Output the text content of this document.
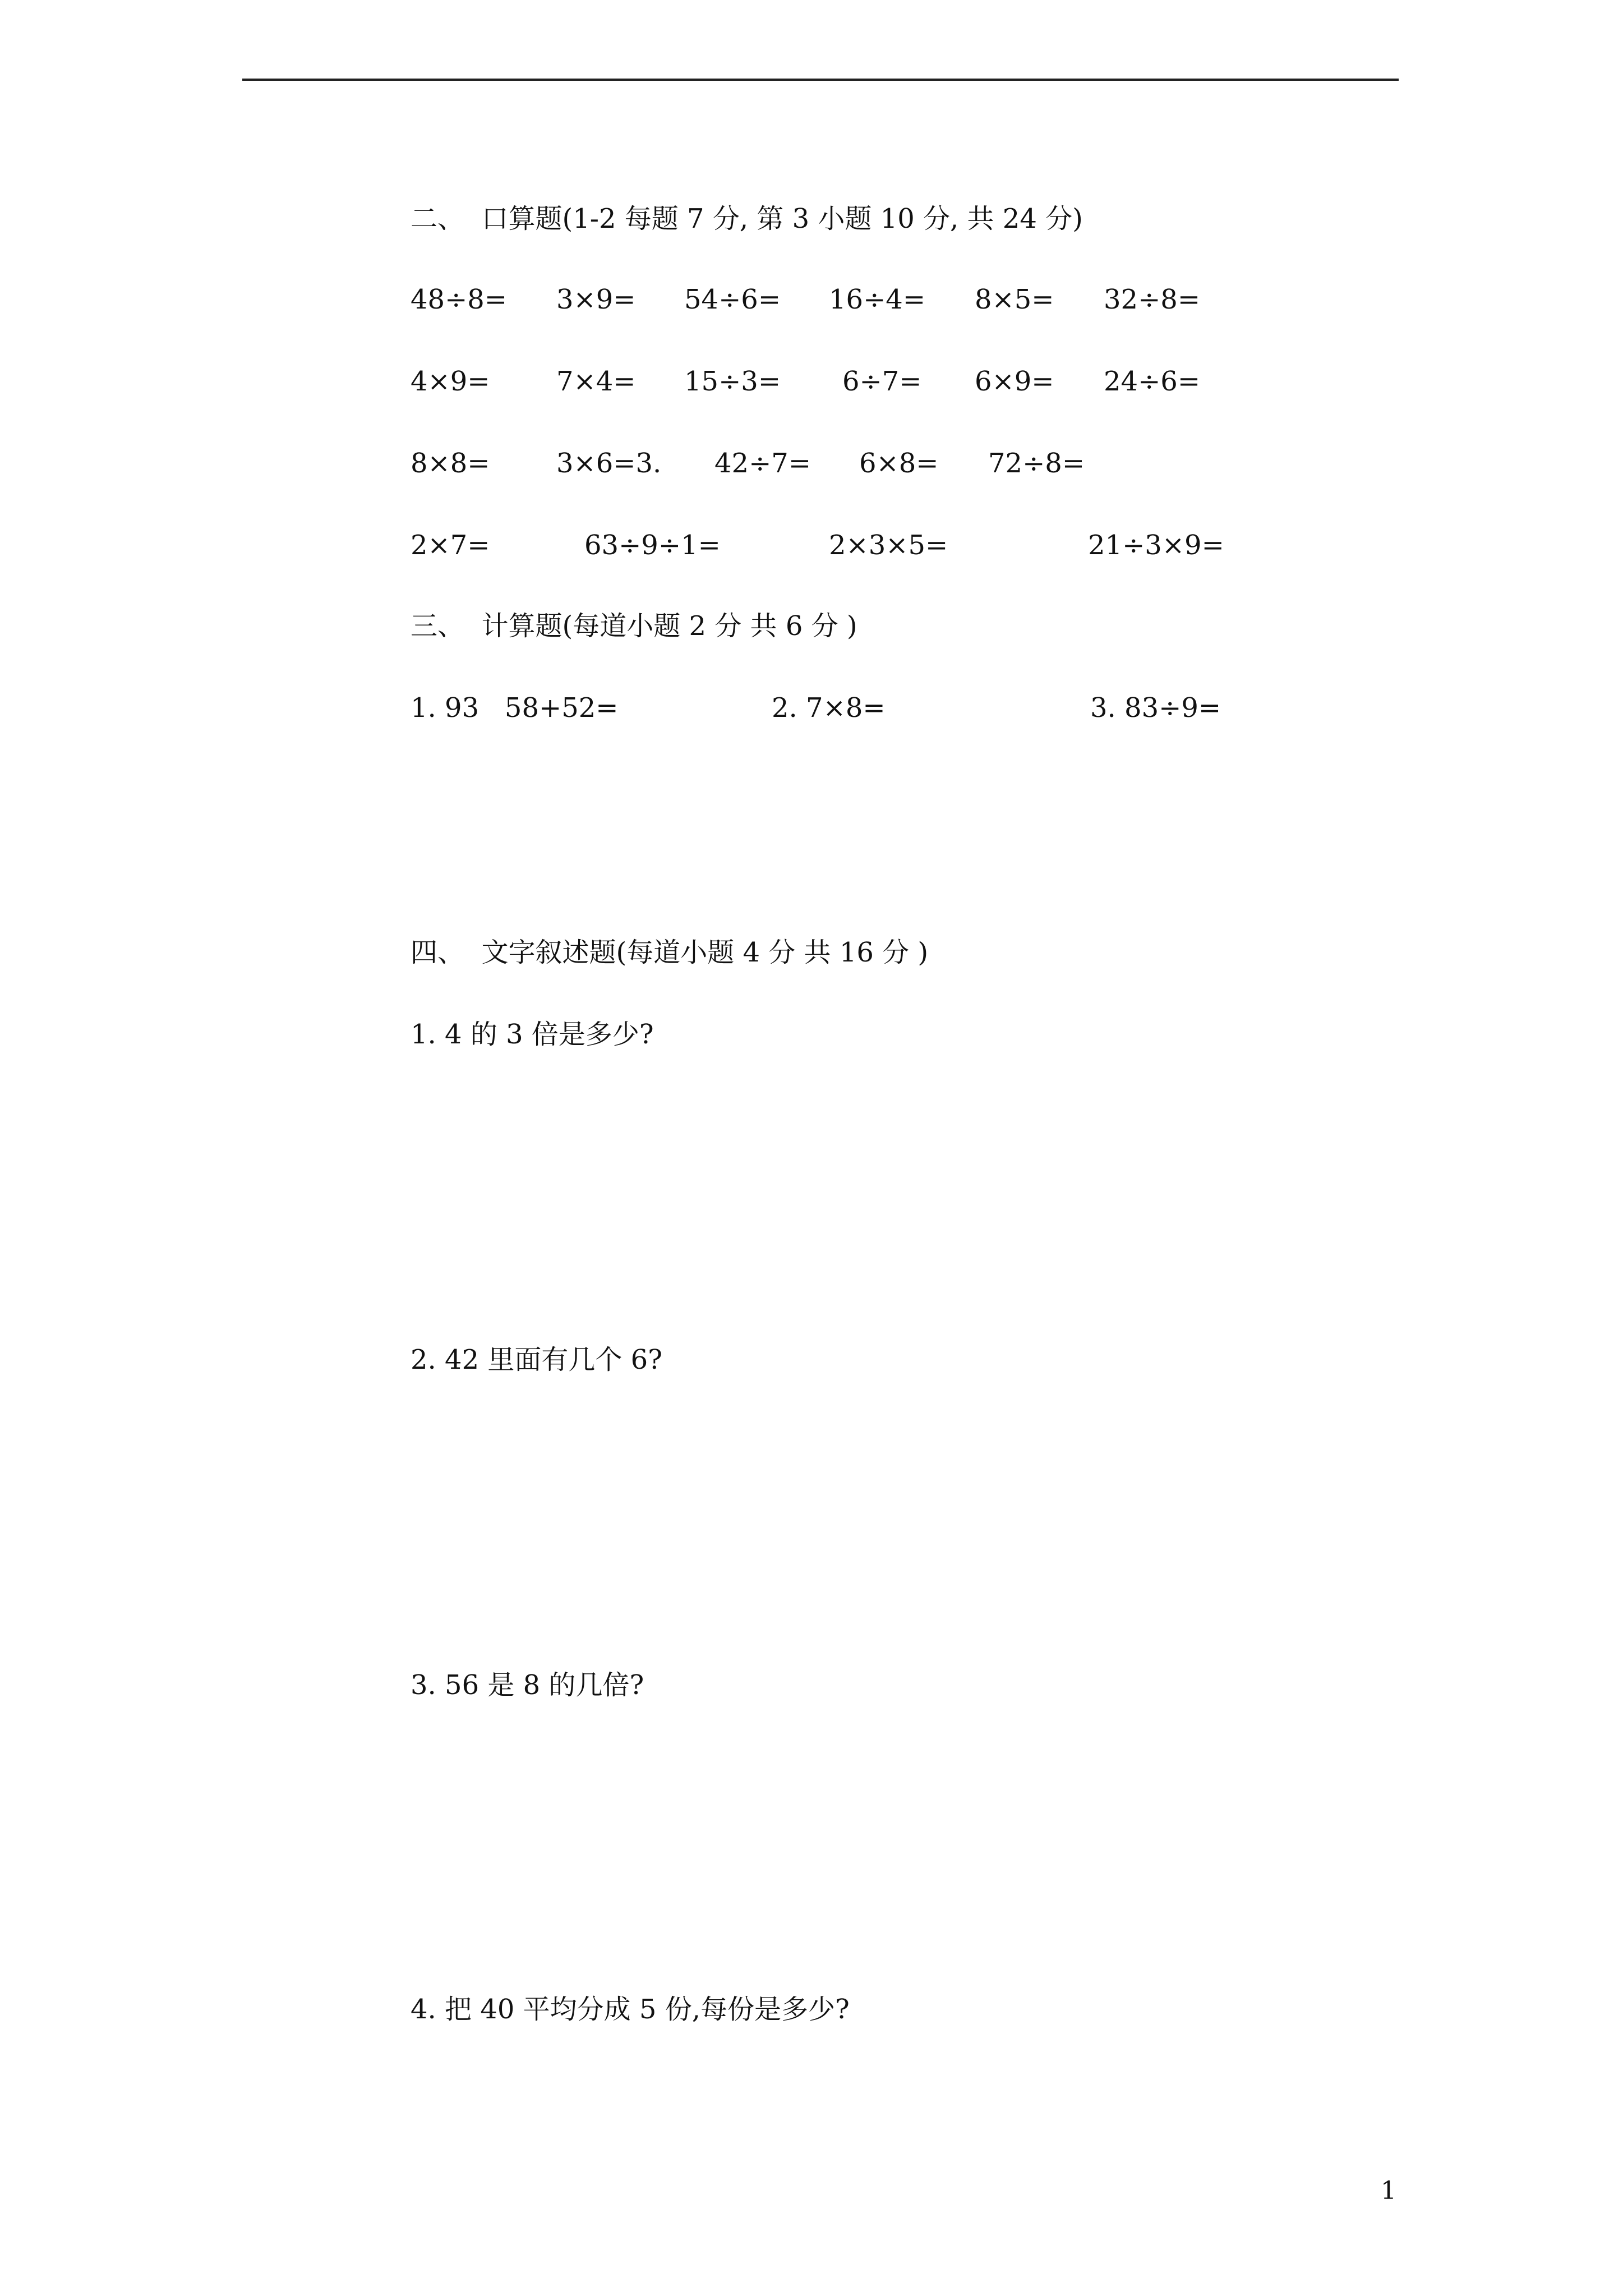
二、  口算题(1-2 每题 7 分, 第 3 小题 10 分, 共 24 分)
48÷8= 3×9= 54÷6= 16÷4= 8×5= 32÷8=
4×9= 7×4= 15÷3= 6÷7= 6×9= 24÷6=
8×8= 3×6=3. 42÷7= 6×8= 72÷8=
2×7=	63÷9÷1=	2×3×5=	21÷3×9=
三、  计算题(每道小题 2 分 共 6 分 )
1. 93   58+52=	2. 7×8=	3. 83÷9=
四、  文字叙述题(每道小题 4 分 共 16 分 )
1. 4 的 3 倍是多少?
2. 42 里面有几个 6?
3. 56 是 8 的几倍?
4. 把 40 平均分成 5 份,每份是多少?
1
